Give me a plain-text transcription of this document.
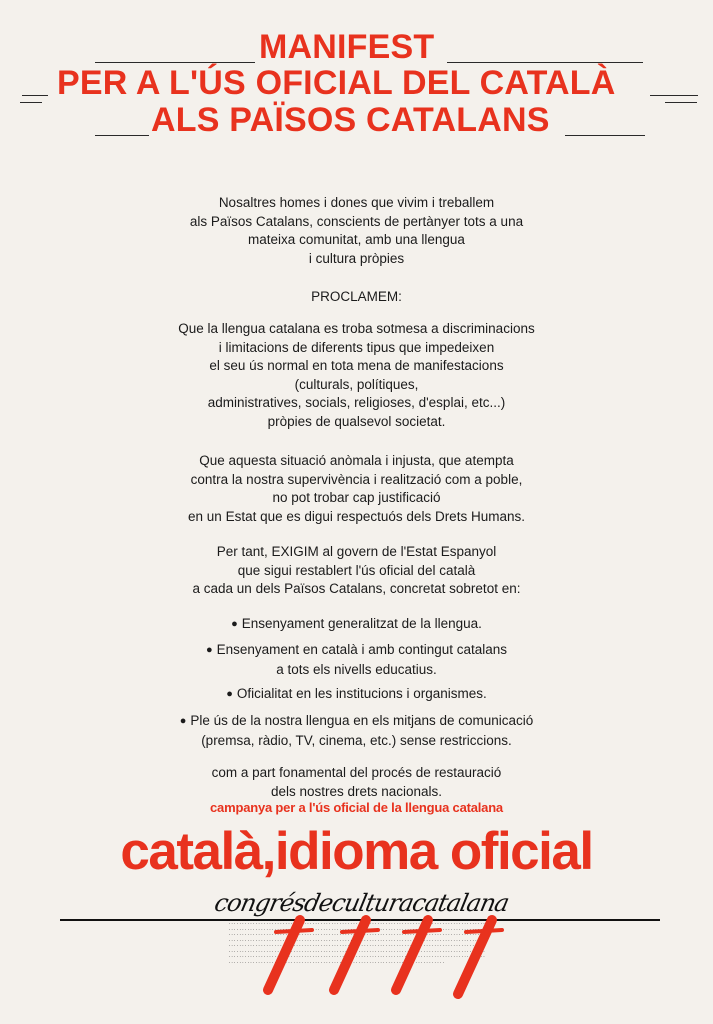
MANIFEST
PER A L'ÚS OFICIAL DEL CATALÀ
ALS PAÏSOS CATALANS
Nosaltres homes i dones que vivim i treballem
als Països Catalans, conscients de pertànyer tots a una
mateixa comunitat, amb una llengua
i cultura pròpies
PROCLAMEM:
Que la llengua catalana es troba sotmesa a discriminacions
i limitacions de diferents tipus que impedeixen
el seu ús normal en tota mena de manifestacions
(culturals, polítiques,
administratives, socials, religioses, d'esplai, etc...)
pròpies de qualsevol societat.
Que aquesta situació anòmala i injusta, que atempta
contra la nostra supervivència i realització com a poble,
no pot trobar cap justificació
en un Estat que es digui respectuós dels Drets Humans.
Per tant, EXIGIM al govern de l'Estat Espanyol
que sigui restablert l'ús oficial del català
a cada un dels Països Catalans, concretat sobretot en:
● Ensenyament generalitzat de la llengua.
● Ensenyament en català i amb contingut catalans
a tots els nivells educatius.
● Oficialitat en les institucions i organismes.
● Ple ús de la nostra llengua en els mitjans de comunicació
(premsa, ràdio, TV, cinema, etc.) sense restriccions.
com a part fonamental del procés de restauració
dels nostres drets nacionals.
campanya per a l'ús oficial de la llengua catalana
català,idioma oficial
congrésdeculturacatalana
·········································································································································································································································································································································································································································································································································································································································································································································································
